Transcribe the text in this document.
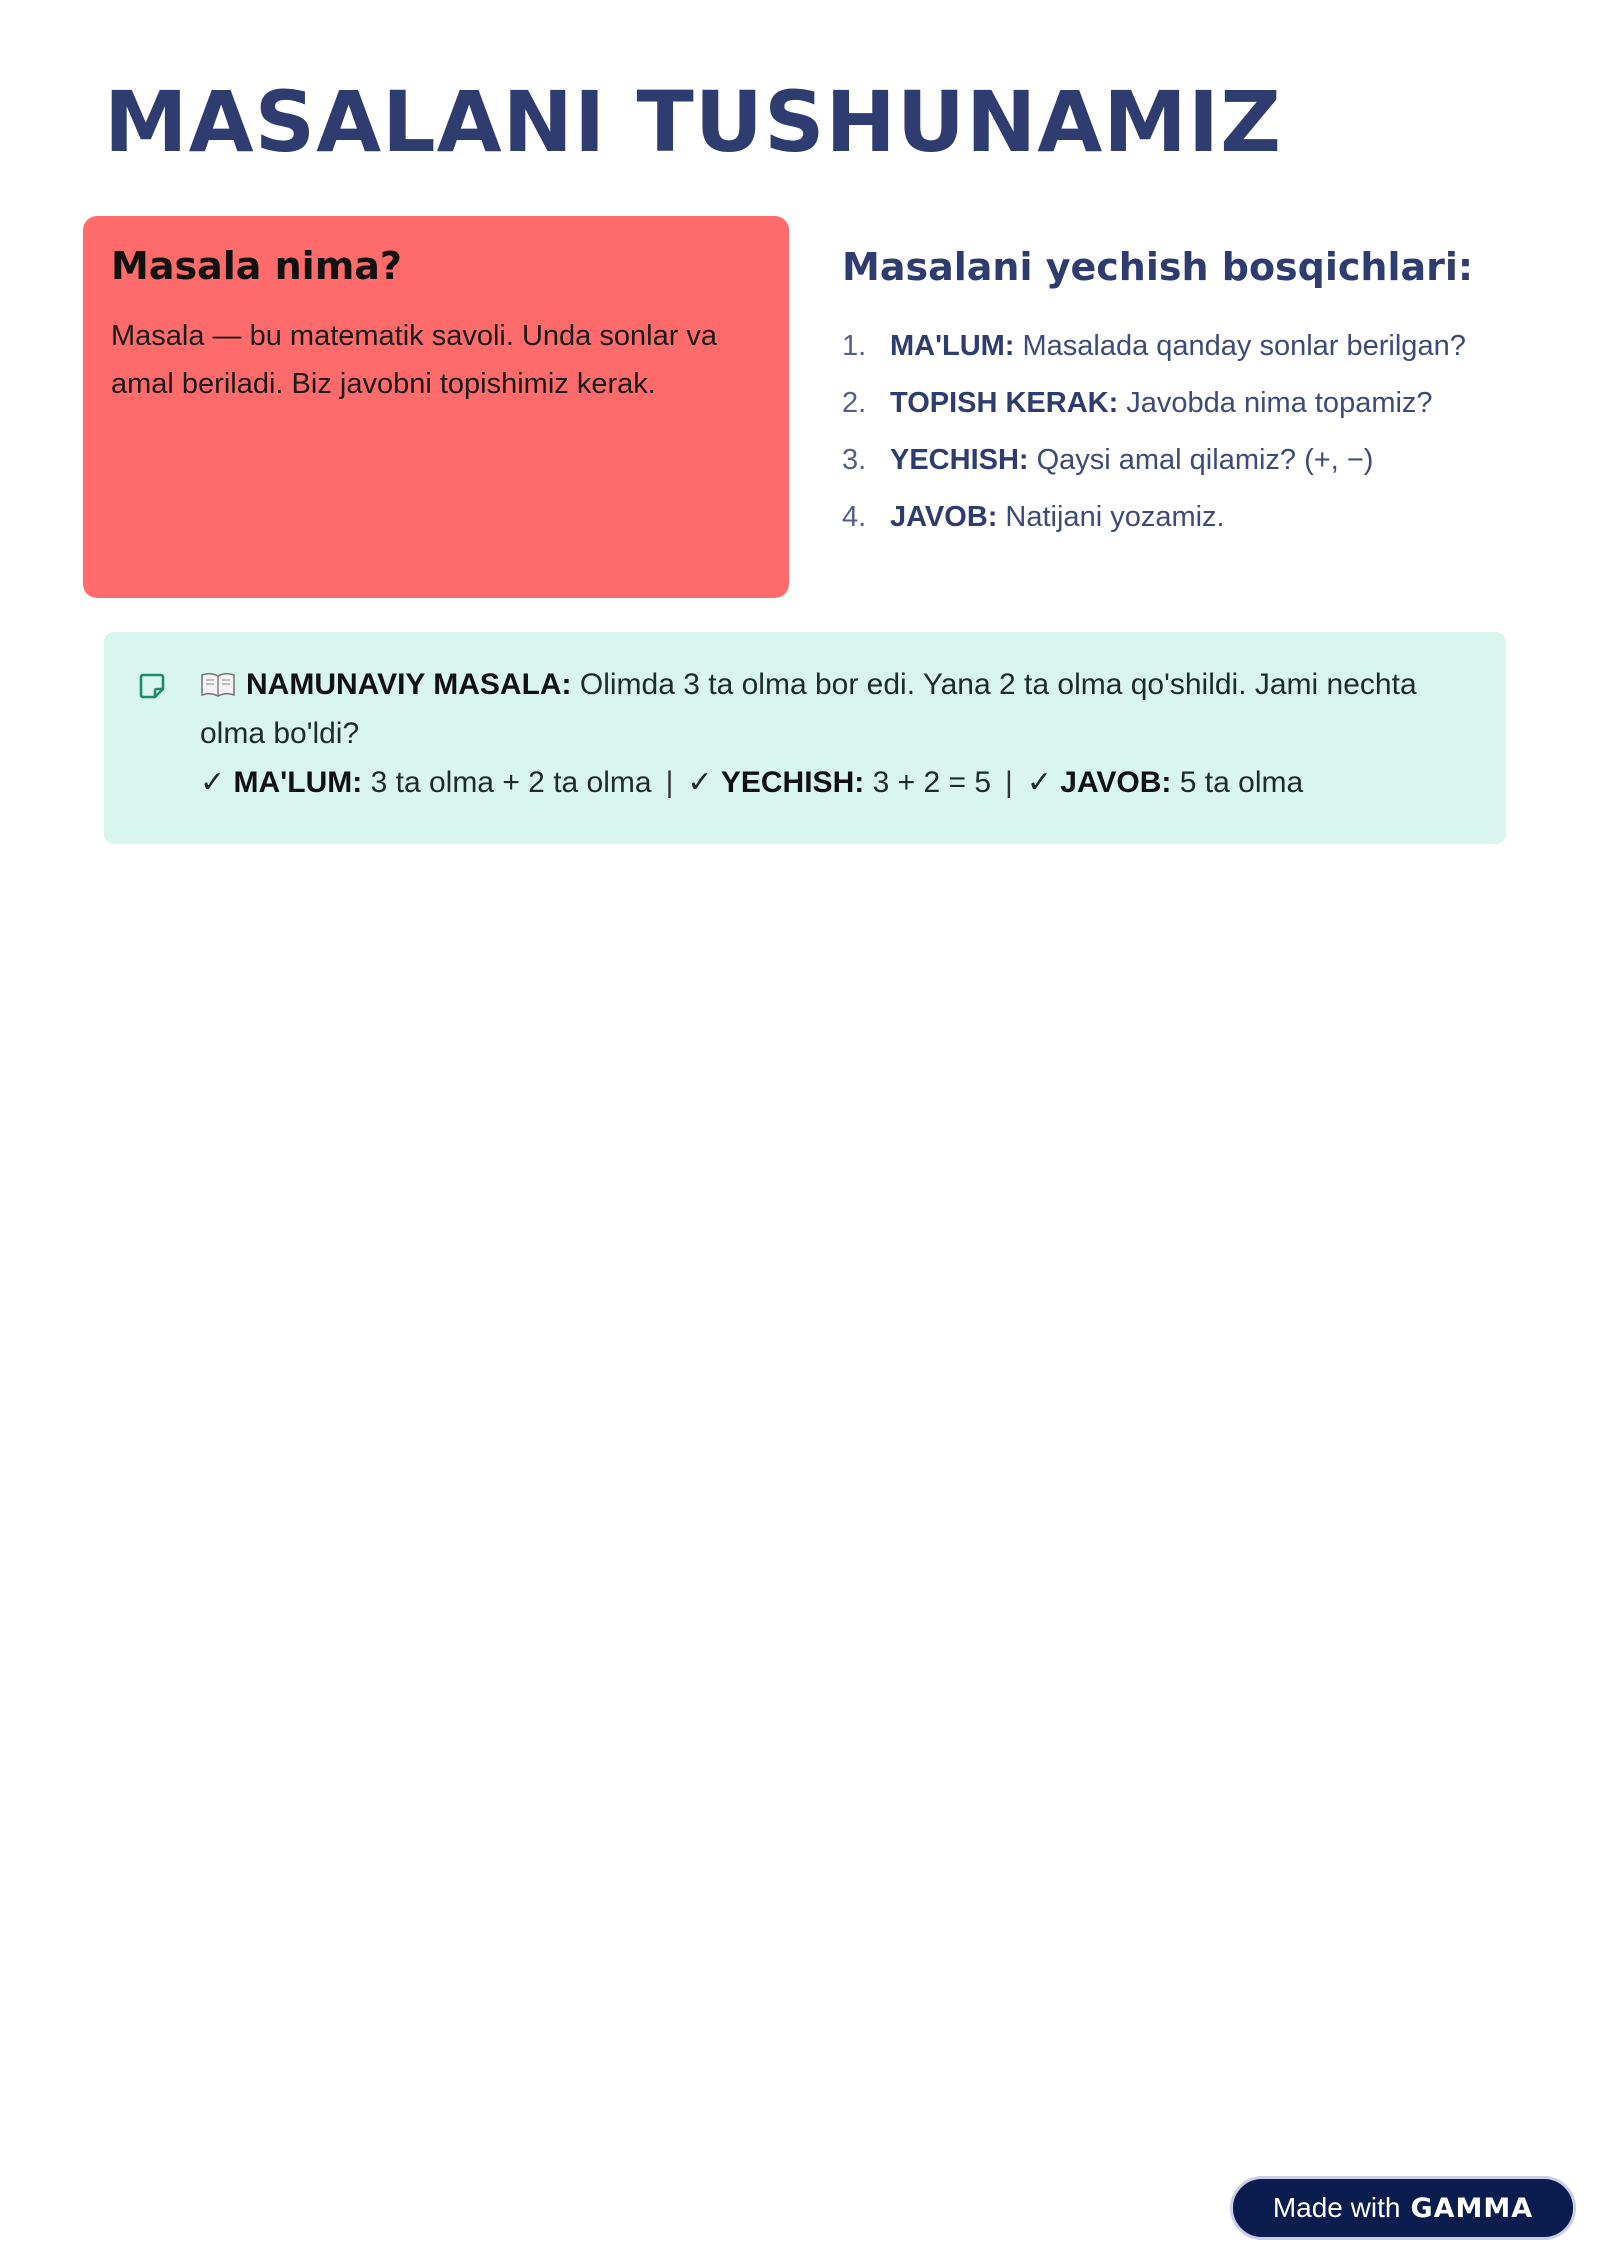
MASALANI TUSHUNAMIZ
Masala nima?

Masala — bu matematik savoli. Unda sonlar va amal beriladi. Biz javobni topishimiz kerak.

Masalani yechish bosqichlari:
1. MA'LUM: Masalada qanday sonlar berilgan?
2. TOPISH KERAK: Javobda nima topamiz?
3. YECHISH: Qaysi amal qilamiz? (+, −)
4. JAVOB: Natijani yozamiz.

NAMUNAVIY MASALA: Olimda 3 ta olma bor edi. Yana 2 ta olma qo'shildi. Jami nechta olma bo'ldi?

✓ MA'LUM: 3 ta olma + 2 ta olma | ✓ YECHISH: 3 + 2 = 5 | ✓ JAVOB: 5 ta olma

Made with GAMMA
